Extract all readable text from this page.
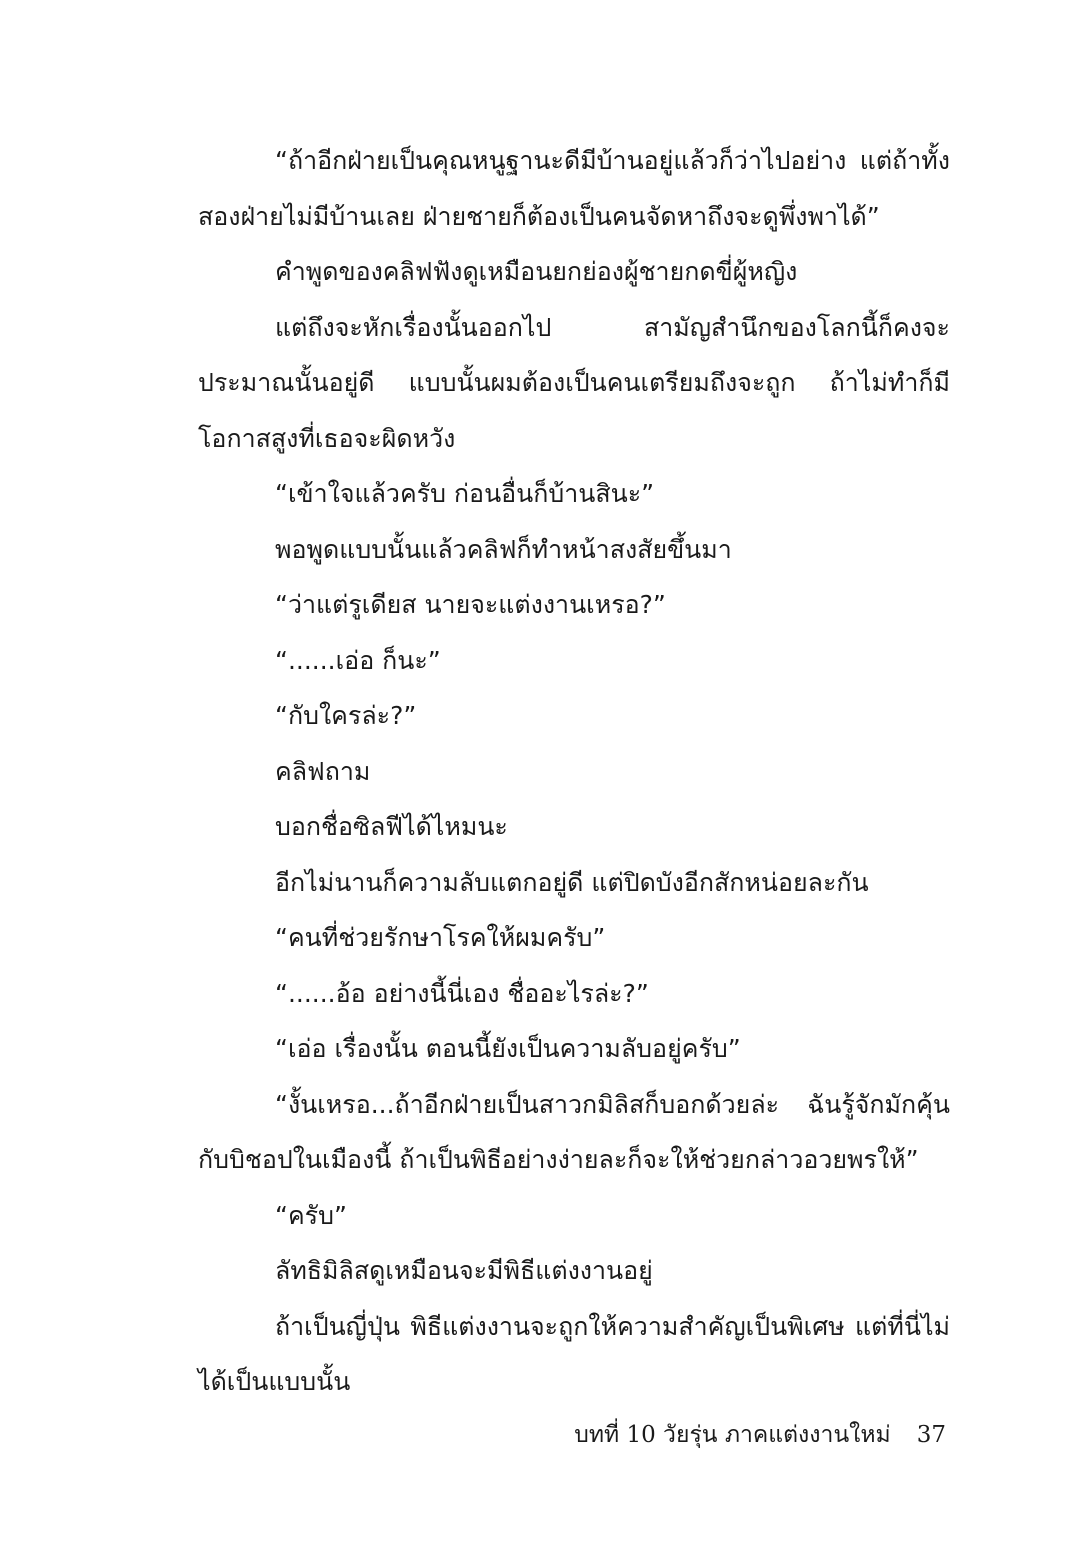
“ถ้าอีกฝ่ายเป็นคุณหนูฐานะดีมีบ้านอยู่แล้วก็ว่าไปอย่าง แต่ถ้าทั้งสองฝ่ายไม่มีบ้านเลย ฝ่ายชายก็ต้องเป็นคนจัดหาถึงจะดูพึ่งพาได้”

คำพูดของคลิฟฟังดูเหมือนยกย่องผู้ชายกดขี่ผู้หญิง

แต่ถึงจะหักเรื่องนั้นออกไป สามัญสำนึกของโลกนี้ก็คงจะประมาณนั้นอยู่ดี แบบนั้นผมต้องเป็นคนเตรียมถึงจะถูก ถ้าไม่ทำก็มีโอกาสสูงที่เธอจะผิดหวัง

“เข้าใจแล้วครับ ก่อนอื่นก็บ้านสินะ”

พอพูดแบบนั้นแล้วคลิฟก็ทำหน้าสงสัยขึ้นมา

“ว่าแต่รูเดียส นายจะแต่งงานเหรอ?”

“......เอ่อ ก็นะ”

“กับใครล่ะ?”

คลิฟถาม

บอกชื่อซิลฟีได้ไหมนะ

อีกไม่นานก็ความลับแตกอยู่ดี แต่ปิดบังอีกสักหน่อยละกัน

“คนที่ช่วยรักษาโรคให้ผมครับ”

“......อ้อ อย่างนี้นี่เอง ชื่ออะไรล่ะ?”

“เอ่อ เรื่องนั้น ตอนนี้ยังเป็นความลับอยู่ครับ”

“งั้นเหรอ...ถ้าอีกฝ่ายเป็นสาวกมิลิสก็บอกด้วยล่ะ ฉันรู้จักมักคุ้นกับบิชอปในเมืองนี้ ถ้าเป็นพิธีอย่างง่ายละก็จะให้ช่วยกล่าวอวยพรให้”

“ครับ”

ลัทธิมิลิสดูเหมือนจะมีพิธีแต่งงานอยู่

ถ้าเป็นญี่ปุ่น พิธีแต่งงานจะถูกให้ความสำคัญเป็นพิเศษ แต่ที่นี่ไม่ได้เป็นแบบนั้น

บทที่ 10 วัยรุ่น ภาคแต่งงานใหม่ 37
